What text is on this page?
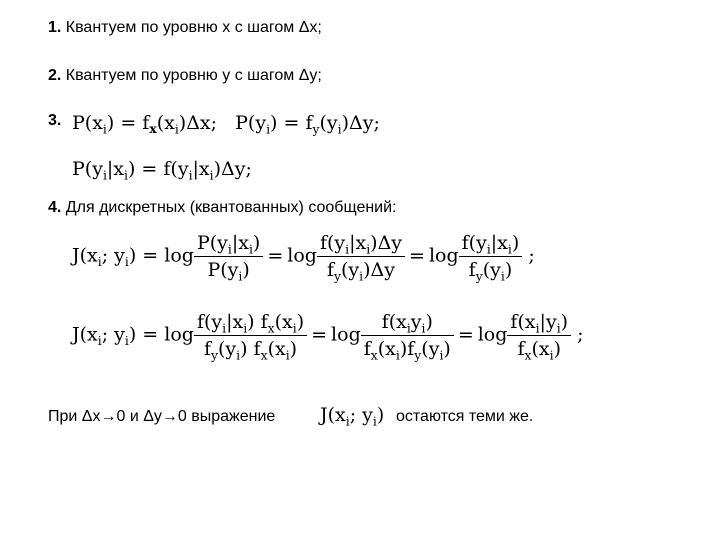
1. Квантуем по уровню x с шагом Δx;
2. Квантуем по уровню y с шагом Δy;
3. $P(x_i) = f_x(x_i)\Delta x$;   $P(y_i) = f_y(y_i)\Delta y$;
$P(y_i|x_i) = f(y_i|x_i)\Delta y$;
4. Для дискретных (квантованных) сообщений:
$J(x_i$; $y_i) = \log \frac{P(y_i|x_i)}{P(y_i)} = \log \frac{f(y_i|x_i)\Delta y}{f_y(y_i)\Delta y} = \log \frac{f(y_i|x_i)}{f_y(y_i)}$ ;
$J(x_i$; $y_i) = \log \frac{f(y_i|x_i) f_x(x_i)}{f_y(y_i) f_x(x_i)} = \log \frac{f(x_iy_i)}{f_x(x_i)f_y(y_i)} = \log \frac{f(x_i|y_i)}{f_x(x_i)}$ ;
При Δx→0 и Δy→0 выражение $J(x_i$; $y_i$) остаются теми же.
